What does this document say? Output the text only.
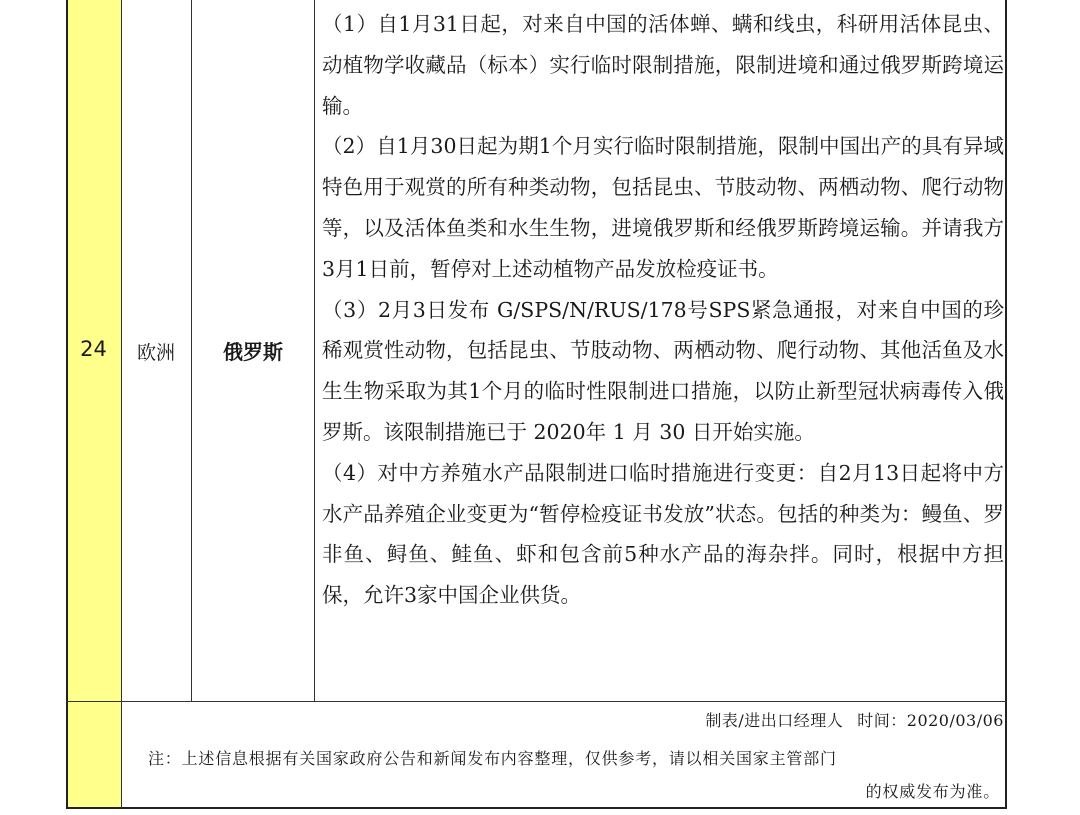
24	欧洲	俄罗斯

（1）自1月31日起，对来自中国的活体蝉、螨和线虫，科研用活体昆虫、动植物学收藏品（标本）实行临时限制措施，限制进境和通过俄罗斯跨境运输。

（2）自1月30日起为期1个月实行临时限制措施，限制中国出产的具有异域特色用于观赏的所有种类动物，包括昆虫、节肢动物、两栖动物、爬行动物等，以及活体鱼类和水生生物，进境俄罗斯和经俄罗斯跨境运输。并请我方3月1日前，暂停对上述动植物产品发放检疫证书。

（3）2月3日发布 G/SPS/N/RUS/178号SPS紧急通报，对来自中国的珍稀观赏性动物，包括昆虫、节肢动物、两栖动物、爬行动物、其他活鱼及水生生物采取为其1个月的临时性限制进口措施，以防止新型冠状病毒传入俄罗斯。该限制措施已于 2020年 1 月 30 日开始实施。

（4）对中方养殖水产品限制进口临时措施进行变更：自2月13日起将中方水产品养殖企业变更为“暂停检疫证书发放”状态。包括的种类为：鳗鱼、罗非鱼、鲟鱼、鲑鱼、虾和包含前5种水产品的海杂拌。同时，根据中方担保，允许3家中国企业供货。

制表/进出口经理人 时间：2020/03/06
注：上述信息根据有关国家政府公告和新闻发布内容整理，仅供参考，请以相关国家主管部门
的权威发布为准。
